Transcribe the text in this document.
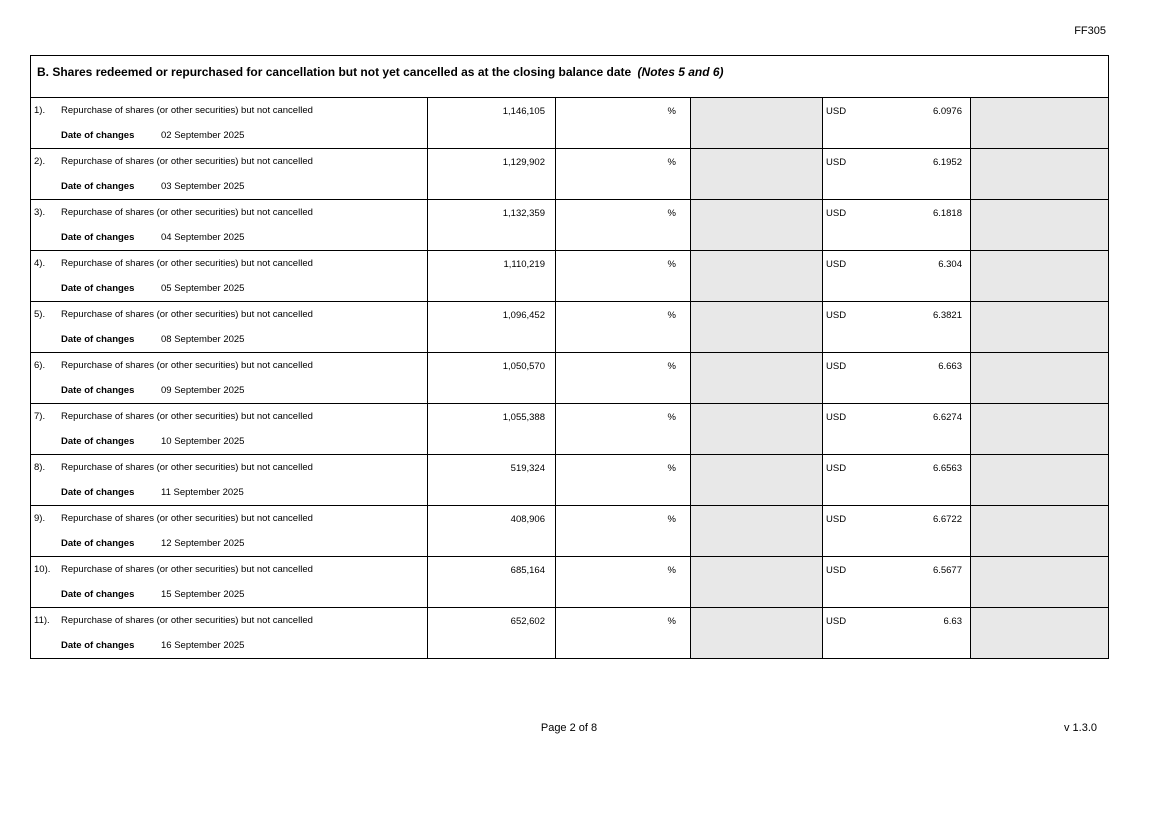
FF305
B. Shares redeemed or repurchased for cancellation but not yet cancelled as at the closing balance date (Notes 5 and 6)					

1).	Repurchase of shares (or other securities) but not cancelled
Date of changes	02 September 2025
	1,146,105	%		USD	6.0976

2).	Repurchase of shares (or other securities) but not cancelled
Date of changes	03 September 2025
	1,129,902	%		USD	6.1952

3).	Repurchase of shares (or other securities) but not cancelled
Date of changes	04 September 2025
	1,132,359	%		USD	6.1818

4).	Repurchase of shares (or other securities) but not cancelled
Date of changes	05 September 2025
	1,110,219	%		USD	6.304

5).	Repurchase of shares (or other securities) but not cancelled
Date of changes	08 September 2025
	1,096,452	%		USD	6.3821

6).	Repurchase of shares (or other securities) but not cancelled
Date of changes	09 September 2025
	1,050,570	%		USD	6.663

7).	Repurchase of shares (or other securities) but not cancelled
Date of changes	10 September 2025
	1,055,388	%		USD	6.6274

8).	Repurchase of shares (or other securities) but not cancelled
Date of changes	11 September 2025
	519,324	%		USD	6.6563

9).	Repurchase of shares (or other securities) but not cancelled
Date of changes	12 September 2025
	408,906	%		USD	6.6722

10).	Repurchase of shares (or other securities) but not cancelled
Date of changes	15 September 2025
	685,164	%		USD	6.5677

11).	Repurchase of shares (or other securities) but not cancelled
Date of changes	16 September 2025
	652,602	%		USD	6.63

Page 2 of 8	v 1.3.0
